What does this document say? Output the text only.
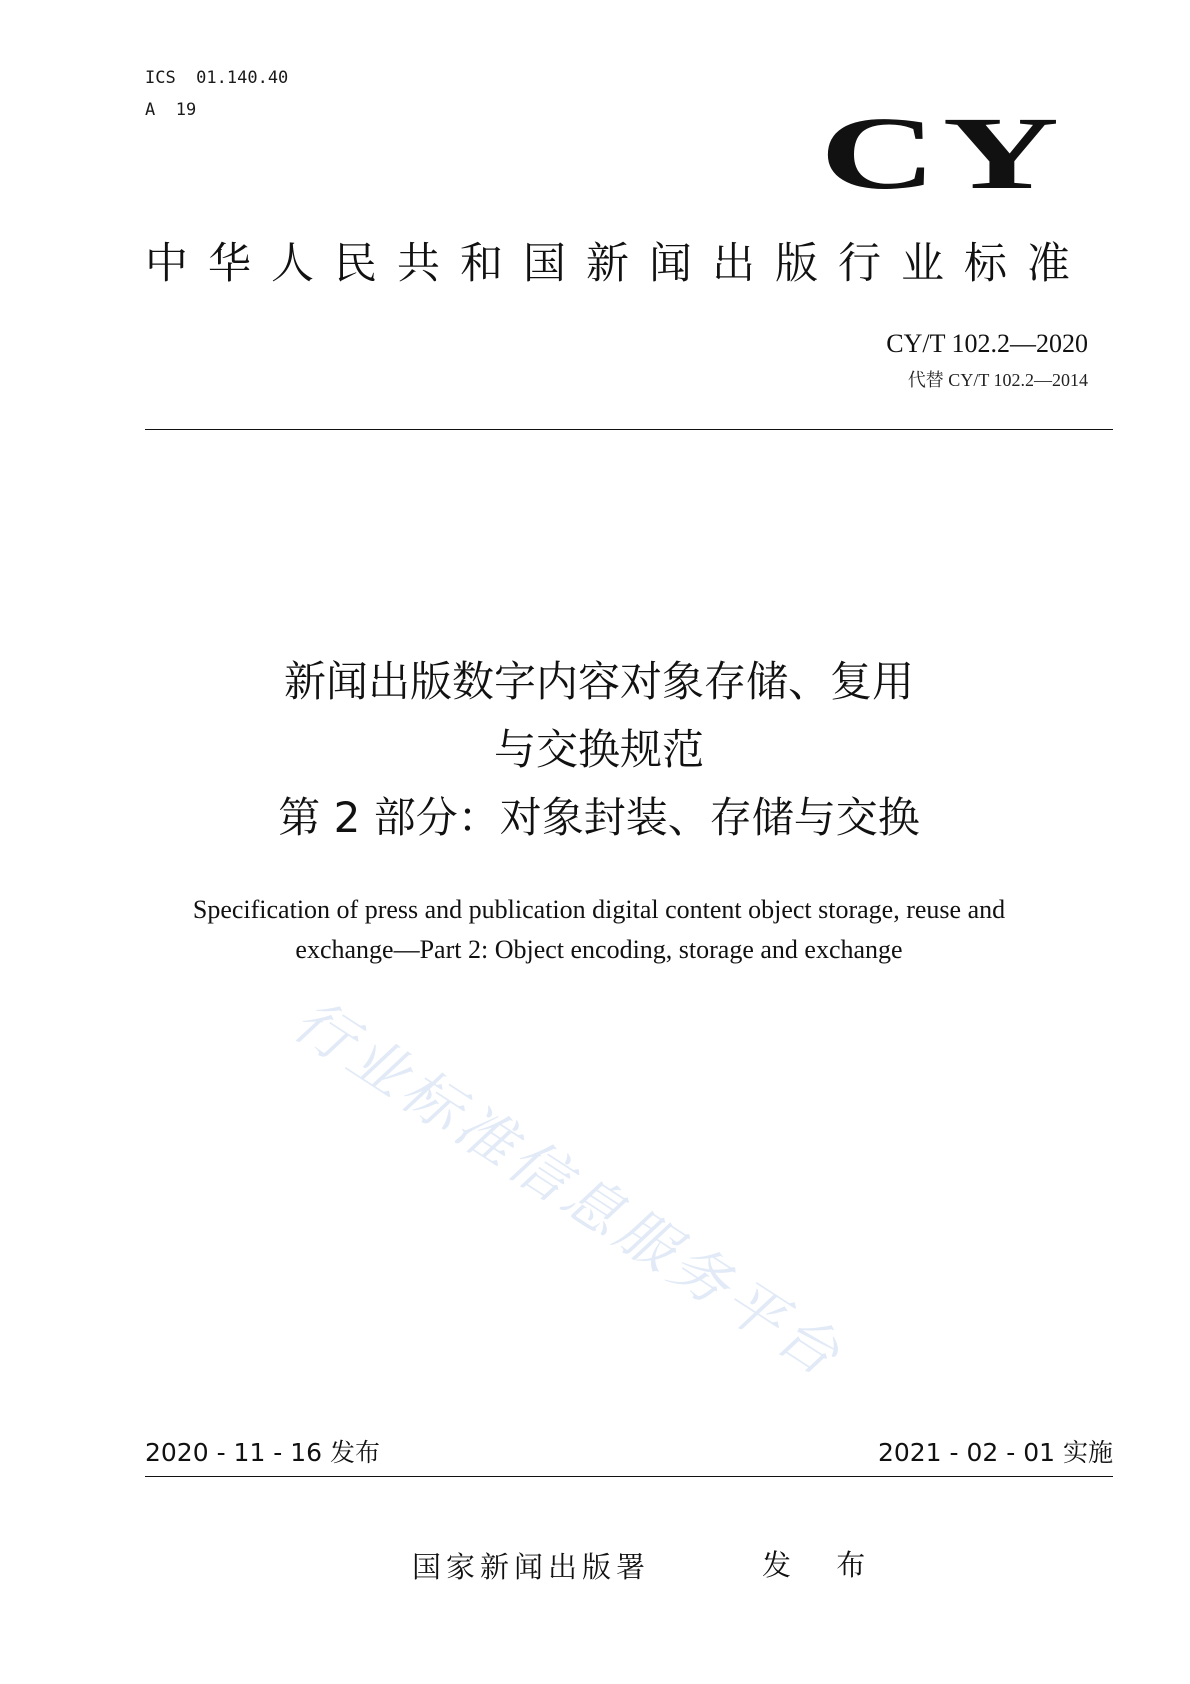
ICS  01.140.40
A  19	CY
中华人民共和国新闻出版行业标准
CY/T 102.2—2020
代替 CY/T 102.2—2014
新闻出版数字内容对象存储、复用
与交换规范
第 2 部分：对象封装、存储与交换
Specification of press and publication digital content object storage, reuse and
exchange—Part 2: Object encoding, storage and exchange
行业标准信息服务平台
2020 - 11 - 16 发布	2021 - 02 - 01 实施
国家新闻出版署	发 布
